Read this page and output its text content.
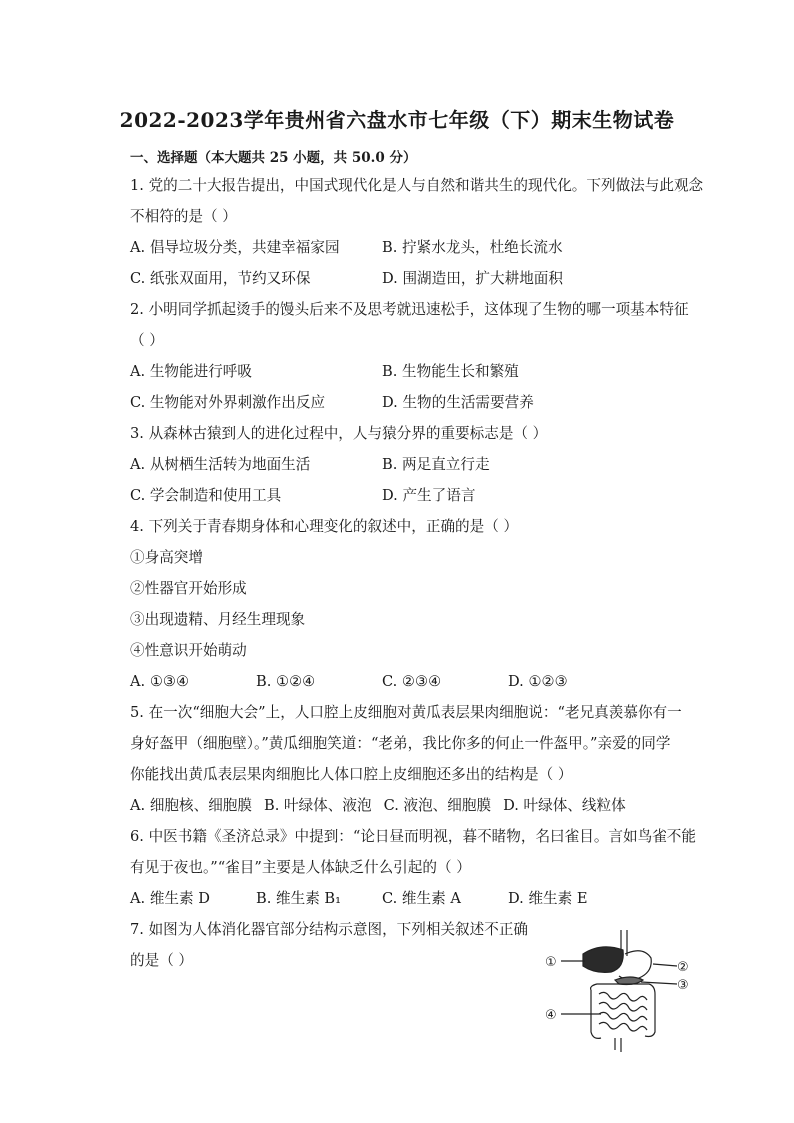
2022-2023学年贵州省六盘水市七年级（下）期末生物试卷
一、选择题（本大题共 25 小题，共 50.0 分）
1. 党的二十大报告提出，中国式现代化是人与自然和谐共生的现代化。下列做法与此观念
不相符的是（ ）
A. 倡导垃圾分类，共建幸福家园	B. 拧紧水龙头，杜绝长流水
C. 纸张双面用，节约又环保	D. 围湖造田，扩大耕地面积
2. 小明同学抓起烫手的馒头后来不及思考就迅速松手，这体现了生物的哪一项基本特征
（ ）
A. 生物能进行呼吸	B. 生物能生长和繁殖
C. 生物能对外界刺激作出反应	D. 生物的生活需要营养
3. 从森林古猿到人的进化过程中，人与猿分界的重要标志是（ ）
A. 从树栖生活转为地面生活	B. 两足直立行走
C. 学会制造和使用工具	D. 产生了语言
4. 下列关于青春期身体和心理变化的叙述中，正确的是（ ）
①身高突增
②性器官开始形成
③出现遗精、月经生理现象
④性意识开始萌动
A. ①③④	B. ①②④	C. ②③④	D. ①②③
5. 在一次“细胞大会”上，人口腔上皮细胞对黄瓜表层果肉细胞说：“老兄真羡慕你有一
身好盔甲（细胞壁）。”黄瓜细胞笑道：“老弟，我比你多的何止一件盔甲。”亲爱的同学
你能找出黄瓜表层果肉细胞比人体口腔上皮细胞还多出的结构是（ ）
A. 细胞核、细胞膜 B. 叶绿体、液泡 C. 液泡、细胞膜 D. 叶绿体、线粒体
6. 中医书籍《圣济总录》中提到：“论日昼而明视，暮不睹物，名曰雀目。言如鸟雀不能
有见于夜也。”“雀目”主要是人体缺乏什么引起的（ ）
A. 维生素 D	B. 维生素 B₁	C. 维生素 A	D. 维生素 E
7. 如图为人体消化器官部分结构示意图，下列相关叙述不正确
的是（ ）	①	②
③
④
